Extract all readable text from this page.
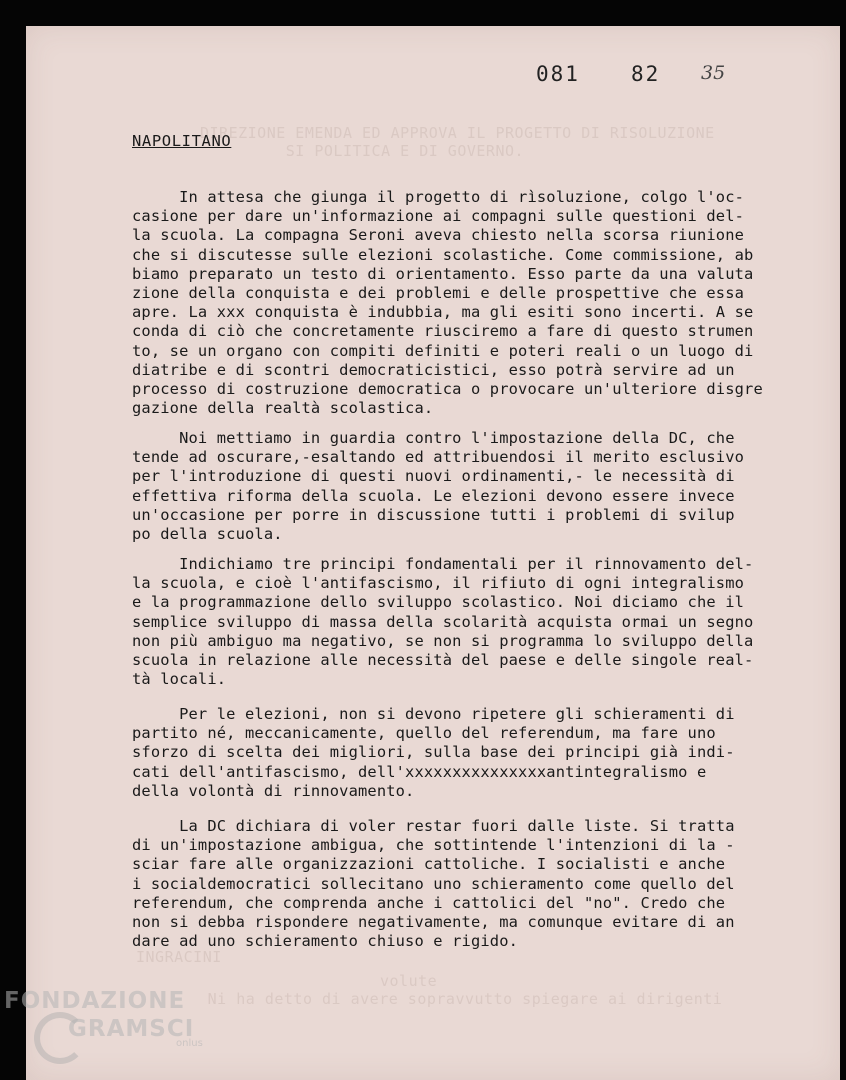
DIREZIONE EMENDA ED APPROVA IL PROGETTO DI RISOLUZIONE
SI POLITICA E DI GOVERNO.
INGRACINI
volute
Ni ha detto di avere sopravvutto spiegare ai dirigenti
081 82 35
NAPOLITANO
In attesa che giunga il progetto di rìsoluzione, colgo l'oc-
casione per dare un'informazione ai compagni sulle questioni del-
la scuola. La compagna Seroni aveva chiesto nella scorsa riunione
che si discutesse sulle elezioni scolastiche. Come commissione, ab
biamo preparato un testo di orientamento. Esso parte da una valuta
zione della conquista e dei problemi e delle prospettive che essa
apre. La xxx conquista è indubbia, ma gli esiti sono incerti. A se
conda di ciò che concretamente riusciremo a fare di questo strumen
to, se un organo con compiti definiti e poteri reali o un luogo di
diatribe e di scontri democraticistici, esso potrà servire ad un
processo di costruzione democratica o provocare un'ulteriore disgre
gazione della realtà scolastica.
Noi mettiamo in guardia contro l'impostazione della DC, che
tende ad oscurare,-esaltando ed attribuendosi il merito esclusivo
per l'introduzione di questi nuovi ordinamenti,- le necessità di
effettiva riforma della scuola. Le elezioni devono essere invece
un'occasione per porre in discussione tutti i problemi di svilup
po della scuola.
Indichiamo tre principi fondamentali per il rinnovamento del-
la scuola, e cioè l'antifascismo, il rifiuto di ogni integralismo
e la programmazione dello sviluppo scolastico. Noi diciamo che il
semplice sviluppo di massa della scolarità acquista ormai un segno
non più ambiguo ma negativo, se non si programma lo sviluppo della
scuola in relazione alle necessità del paese e delle singole real-
tà locali.
Per le elezioni, non si devono ripetere gli schieramenti di
partito né, meccanicamente, quello del referendum, ma fare uno
sforzo di scelta dei migliori, sulla base dei principi già indi-
cati dell'antifascismo, dell'xxxxxxxxxxxxxxxantintegralismo e
della volontà di rinnovamento.
La DC dichiara di voler restar fuori dalle liste. Si tratta
di un'impostazione ambigua, che sottintende l'intenzioni di la -
sciar fare alle organizzazioni cattoliche. I socialisti e anche
i socialdemocratici sollecitano uno schieramento come quello del
referendum, che comprenda anche i cattolici del "no". Credo che
non si debba rispondere negativamente, ma comunque evitare di an
dare ad uno schieramento chiuso e rigido.
FONDAZIONE
GRAMSCI
onlus
